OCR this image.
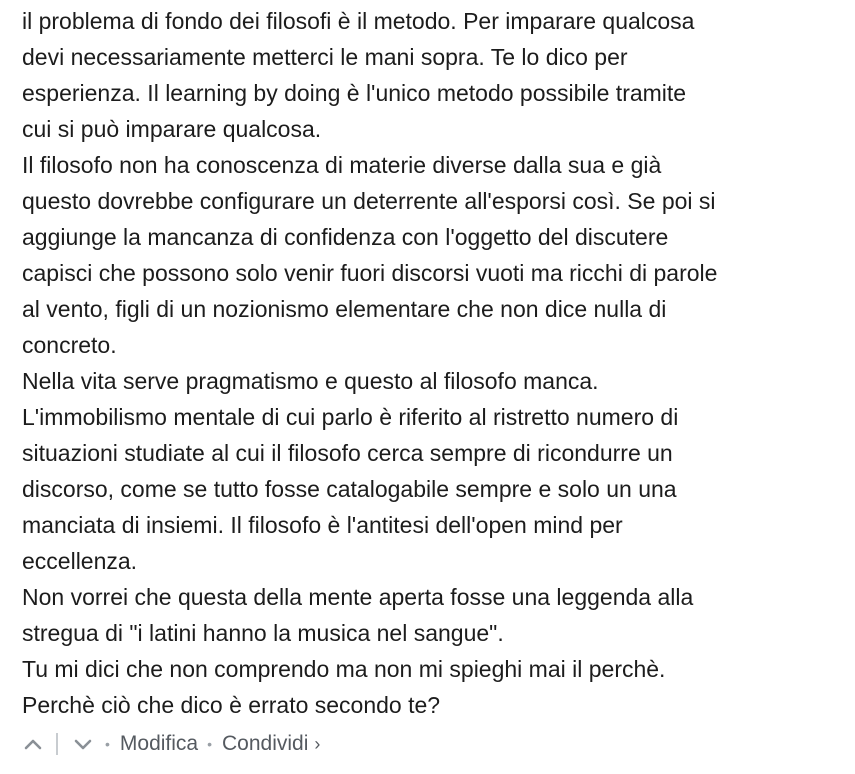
il problema di fondo dei filosofi è il metodo. Per imparare qualcosa
devi necessariamente metterci le mani sopra. Te lo dico per
esperienza. Il learning by doing è l'unico metodo possibile tramite
cui si può imparare qualcosa.

Il filosofo non ha conoscenza di materie diverse dalla sua e già
questo dovrebbe configurare un deterrente all'esporsi così. Se poi si
aggiunge la mancanza di confidenza con l'oggetto del discutere
capisci che possono solo venir fuori discorsi vuoti ma ricchi di parole
al vento, figli di un nozionismo elementare che non dice nulla di
concreto.

Nella vita serve pragmatismo e questo al filosofo manca.
L'immobilismo mentale di cui parlo è riferito al ristretto numero di
situazioni studiate al cui il filosofo cerca sempre di ricondurre un
discorso, come se tutto fosse catalogabile sempre e solo un una
manciata di insiemi. Il filosofo è l'antitesi dell'open mind per
eccellenza.

Non vorrei che questa della mente aperta fosse una leggenda alla
stregua di "i latini hanno la musica nel sangue".

Tu mi dici che non comprendo ma non mi spieghi mai il perchè.
Perchè ciò che dico è errato secondo te?

• Modifica • Condividi ›
